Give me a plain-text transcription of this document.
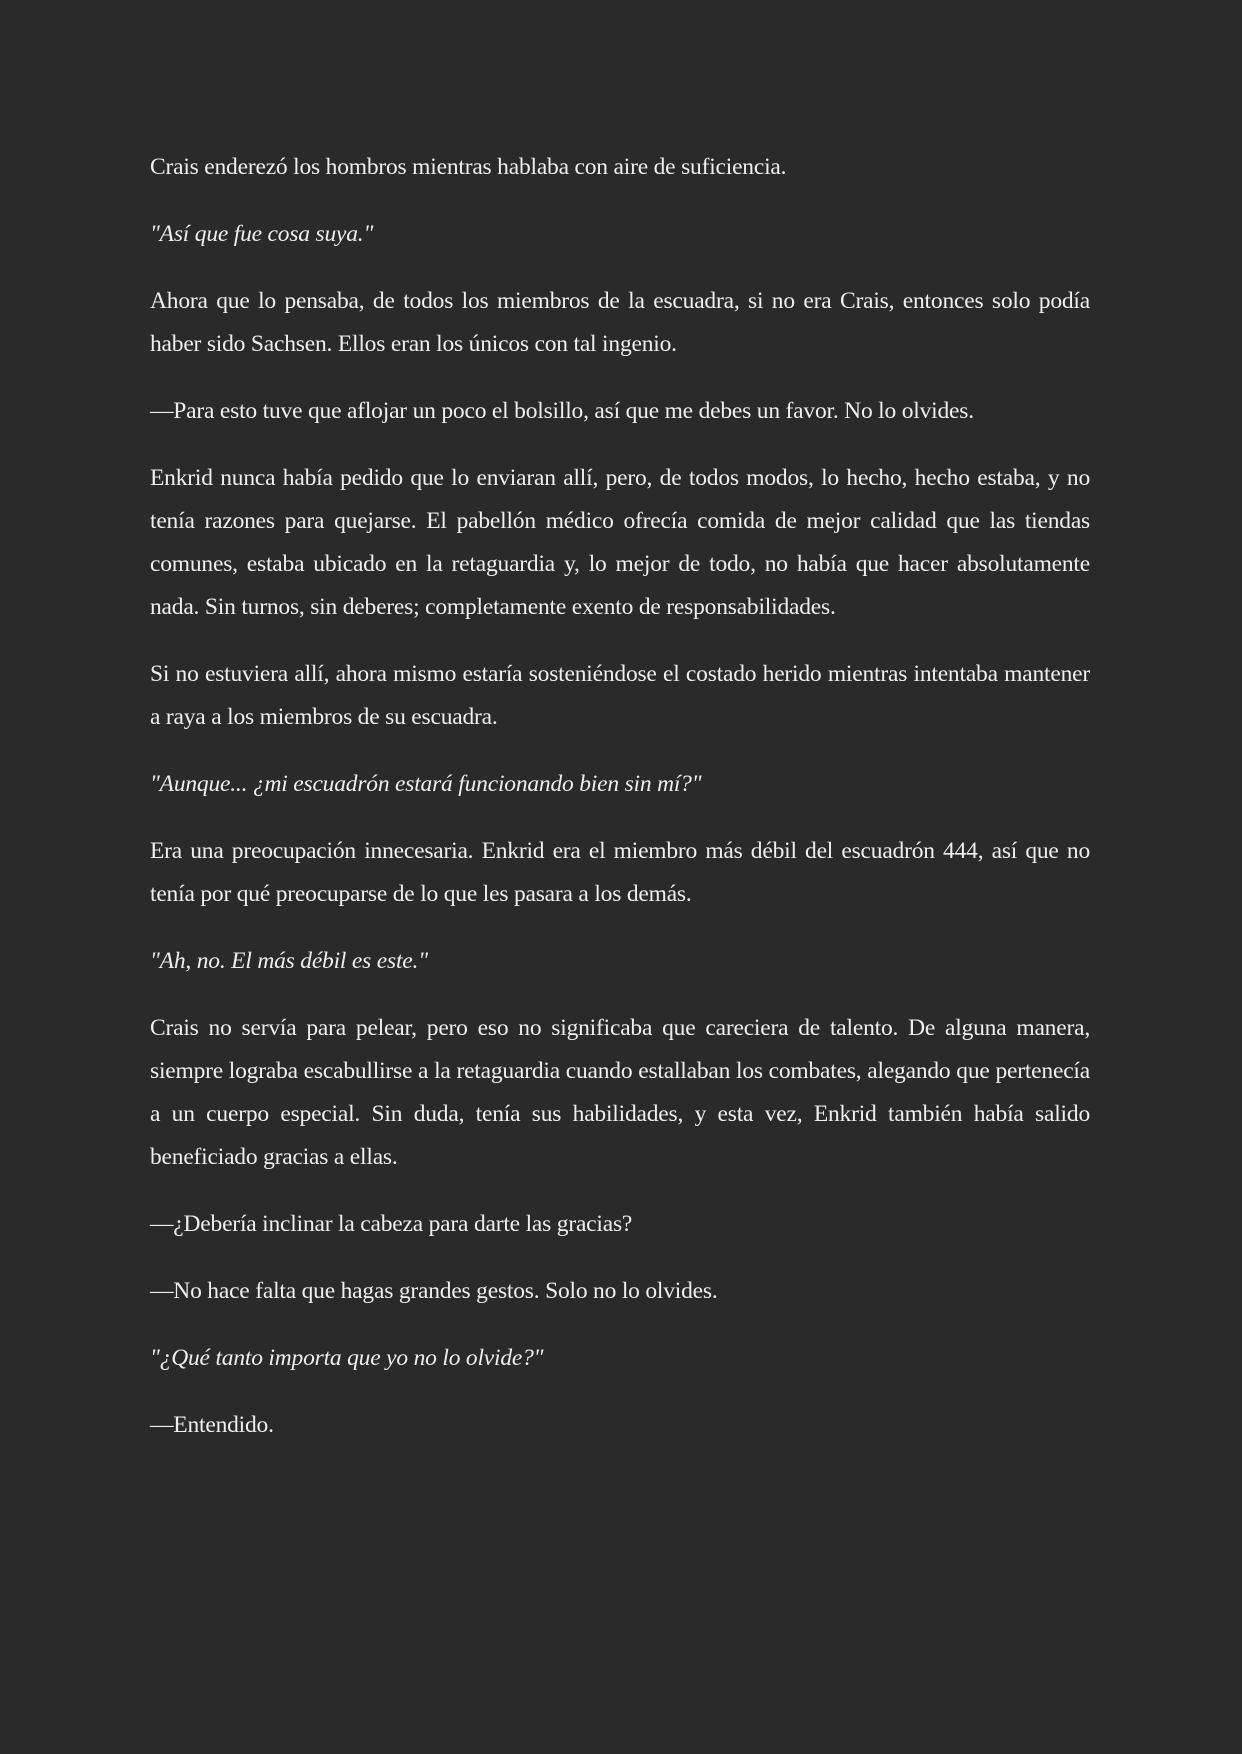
Crais enderezó los hombros mientras hablaba con aire de suficiencia.

"Así que fue cosa suya."

Ahora que lo pensaba, de todos los miembros de la escuadra, si no era Crais, entonces solo podía haber sido Sachsen. Ellos eran los únicos con tal ingenio.

—Para esto tuve que aflojar un poco el bolsillo, así que me debes un favor. No lo olvides.

Enkrid nunca había pedido que lo enviaran allí, pero, de todos modos, lo hecho, hecho estaba, y no tenía razones para quejarse. El pabellón médico ofrecía comida de mejor calidad que las tiendas comunes, estaba ubicado en la retaguardia y, lo mejor de todo, no había que hacer absolutamente nada. Sin turnos, sin deberes; completamente exento de responsabilidades.

Si no estuviera allí, ahora mismo estaría sosteniéndose el costado herido mientras intentaba mantener a raya a los miembros de su escuadra.

"Aunque... ¿mi escuadrón estará funcionando bien sin mí?"

Era una preocupación innecesaria. Enkrid era el miembro más débil del escuadrón 444, así que no tenía por qué preocuparse de lo que les pasara a los demás.

"Ah, no. El más débil es este."

Crais no servía para pelear, pero eso no significaba que careciera de talento. De alguna manera, siempre lograba escabullirse a la retaguardia cuando estallaban los combates, alegando que pertenecía a un cuerpo especial. Sin duda, tenía sus habilidades, y esta vez, Enkrid también había salido beneficiado gracias a ellas.

—¿Debería inclinar la cabeza para darte las gracias?

—No hace falta que hagas grandes gestos. Solo no lo olvides.

"¿Qué tanto importa que yo no lo olvide?"

—Entendido.
